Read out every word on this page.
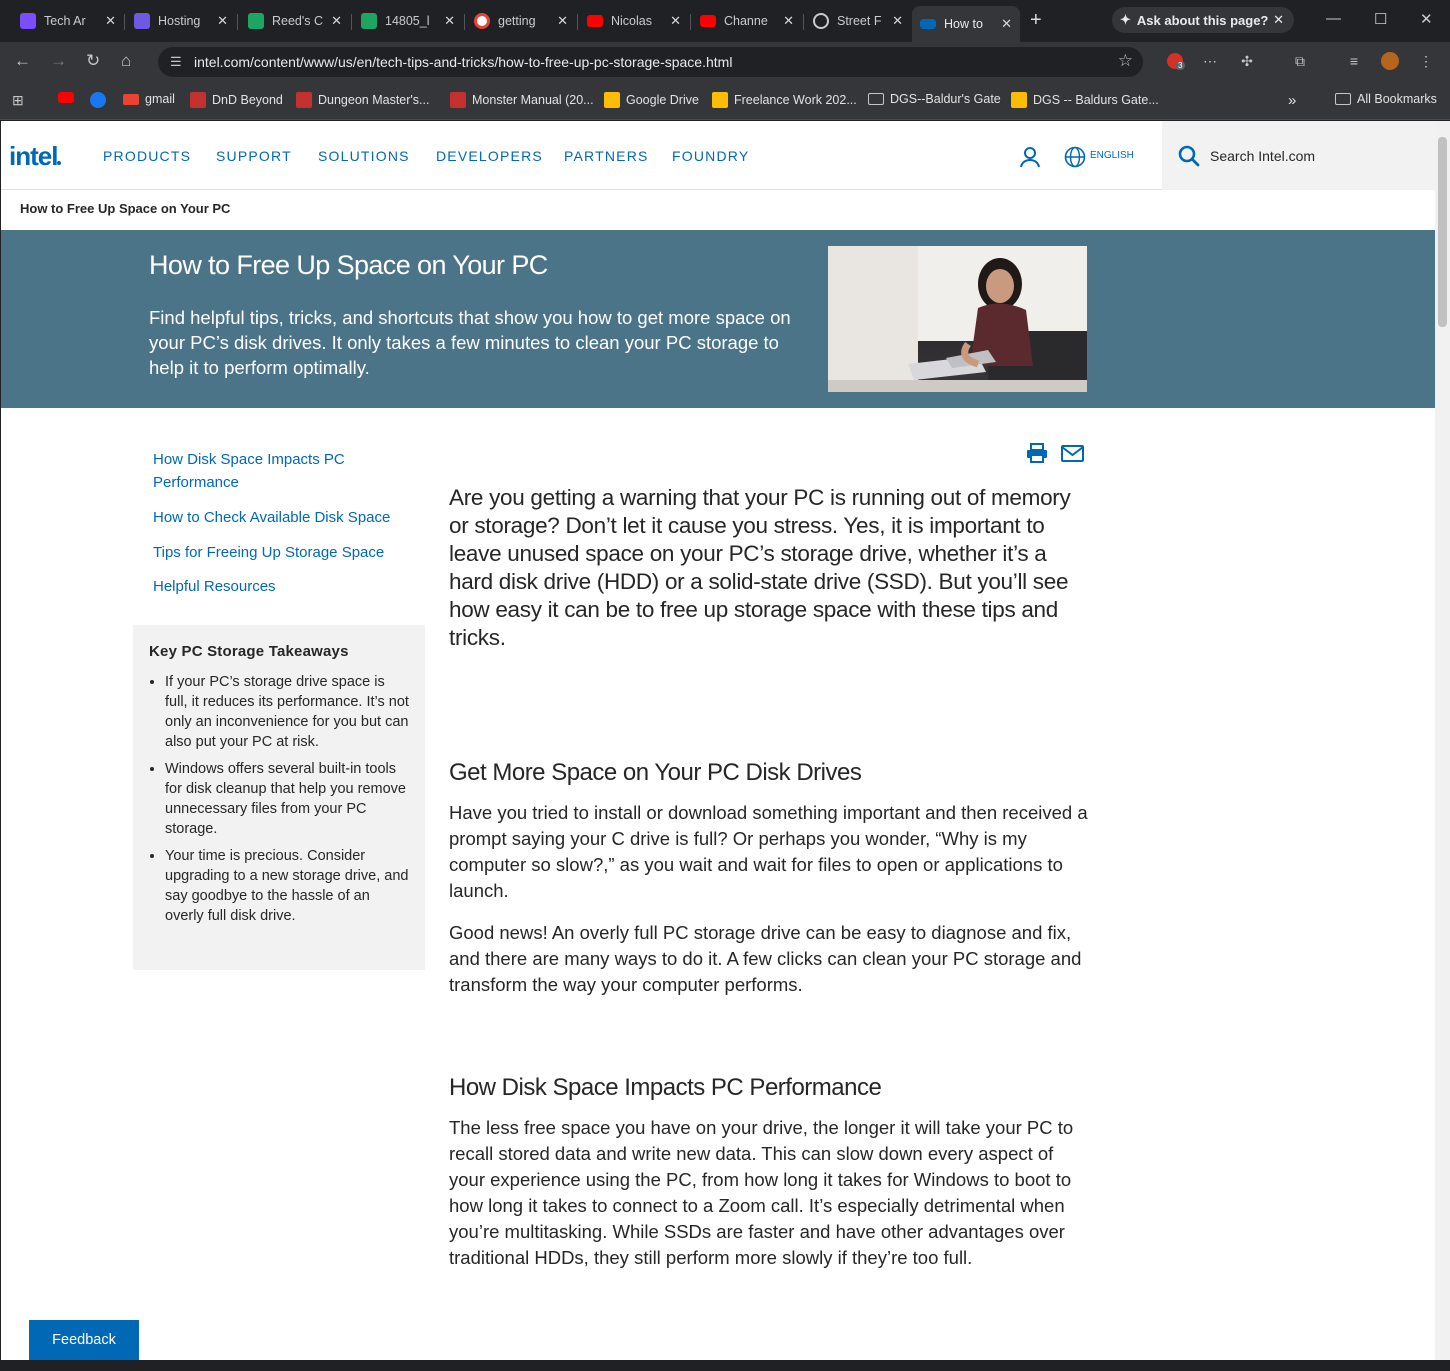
Tech Ar	✕	Hosting	✕	Reed's C ✕	14805_l	✕	getting	✕	Nicolas	✕	Channe	✕	Street F ✕	How to	✕ +	✦ Ask about this page? ✕	— ☐ ✕
← → ↻ ⌂	☰ intel.com/content/www/us/en/tech-tips-and-tricks/how-to-free-up-pc-storage-space.html	☆	3 ⋯ ✣	⧉	≡	⋮
⊞	gmail	DnD Beyond	Dungeon Master's...	Monster Manual (20...	Google Drive	Freelance Work 202...	DGS--Baldur's Gate	DGS -- Baldurs Gate...	»	All Bookmarks
intel	PRODUCTS SUPPORT SOLUTIONS DEVELOPERS PARTNERS FOUNDRY	ENGLISH
Search Intel.com
How to Free Up Space on Your PC
How to Free Up Space on Your PC

Find helpful tips, tricks, and shortcuts that show you how to get more space on your PC’s disk drives. It only takes a few minutes to clean your PC storage to help it to perform optimally.

How Disk Space Impacts PC Performance
How to Check Available Disk Space
Tips for Freeing Up Storage Space
Helpful Resources
Key PC Storage Takeaways
• If your PC’s storage drive space is full, it reduces its performance. It’s not only an inconvenience for you but can also put your PC at risk.
• Windows offers several built-in tools for disk cleanup that help you remove unnecessary files from your PC storage.
• Your time is precious. Consider upgrading to a new storage drive, and say goodbye to the hassle of an overly full disk drive.
Are you getting a warning that your PC is running out of memory or storage? Don’t let it cause you stress. Yes, it is important to leave unused space on your PC’s storage drive, whether it’s a hard disk drive (HDD) or a solid-state drive (SSD). But you’ll see how easy it can be to free up storage space with these tips and tricks.
Get More Space on Your PC Disk Drives

Have you tried to install or download something important and then received a prompt saying your C drive is full? Or perhaps you wonder, “Why is my computer so slow?,” as you wait and wait for files to open or applications to launch.

Good news! An overly full PC storage drive can be easy to diagnose and fix, and there are many ways to do it. A few clicks can clean your PC storage and transform the way your computer performs.

How Disk Space Impacts PC Performance

The less free space you have on your drive, the longer it will take your PC to recall stored data and write new data. This can slow down every aspect of your experience using the PC, from how long it takes for Windows to boot to how long it takes to connect to a Zoom call. It’s especially detrimental when you’re multitasking. While SSDs are faster and have other advantages over traditional HDDs, they still perform more slowly if they’re too full.

Feedback
